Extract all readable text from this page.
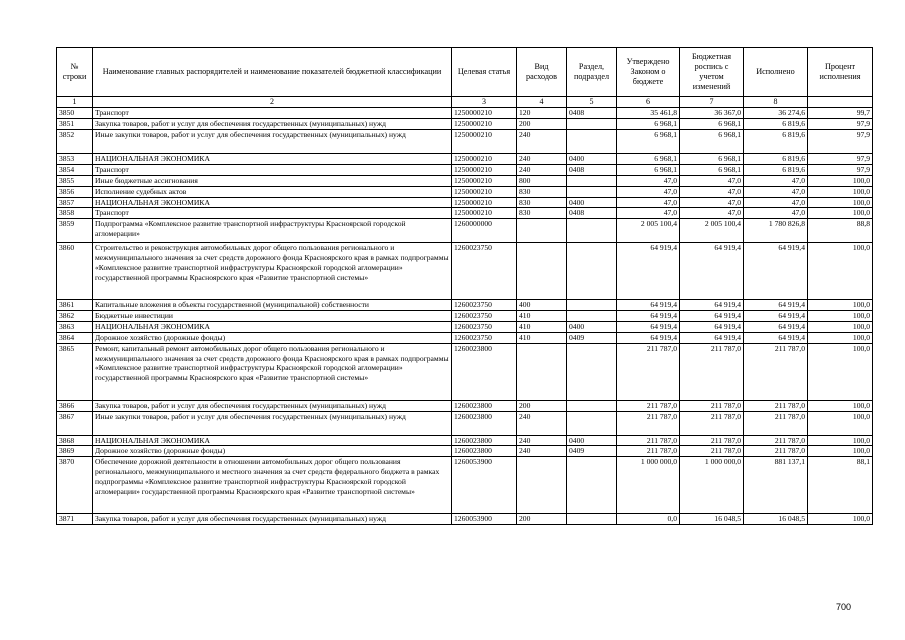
№ строки	Наименование главных распорядителей и наименование показателей бюджетной классификации	Целевая статья	Вид расходов	Раздел, подраздел	Утверждено Законом о бюджете	Бюджетная роспись с учетом изменений	Исполнено	Процент исполнения
1	2	3	4	5	6	7	8	
3850	Транспорт	1250000210	120	0408	35 461,8	36 367,0	36 274,6	99,7
3851	Закупка товаров, работ и услуг для обеспечения государственных (муниципальных) нужд	1250000210	200		6 968,1	6 968,1	6 819,6	97,9
3852	Иные закупки товаров, работ и услуг для обеспечения государственных (муниципальных) нужд	1250000210	240		6 968,1	6 968,1	6 819,6	97,9
3853	НАЦИОНАЛЬНАЯ ЭКОНОМИКА	1250000210	240	0400	6 968,1	6 968,1	6 819,6	97,9
3854	Транспорт	1250000210	240	0408	6 968,1	6 968,1	6 819,6	97,9
3855	Иные бюджетные ассигнования	1250000210	800		47,0	47,0	47,0	100,0
3856	Исполнение судебных актов	1250000210	830		47,0	47,0	47,0	100,0
3857	НАЦИОНАЛЬНАЯ ЭКОНОМИКА	1250000210	830	0400	47,0	47,0	47,0	100,0
3858	Транспорт	1250000210	830	0408	47,0	47,0	47,0	100,0
3859	Подпрограмма «Комплексное развитие транспортной инфраструктуры Красноярской городской агломерации»	1260000000			2 005 100,4	2 005 100,4	1 780 826,8	88,8
3860	Строительство и реконструкция автомобильных дорог общего пользования регионального и межмуниципального значения за счет средств дорожного фонда Красноярского края в рамках подпрограммы «Комплексное развитие транспортной инфраструктуры Красноярской городской агломерации» государственной программы Красноярского края «Развитие транспортной системы»	1260023750			64 919,4	64 919,4	64 919,4	100,0
3861	Капитальные вложения в объекты государственной (муниципальной) собственности	1260023750	400		64 919,4	64 919,4	64 919,4	100,0
3862	Бюджетные инвестиции	1260023750	410		64 919,4	64 919,4	64 919,4	100,0
3863	НАЦИОНАЛЬНАЯ ЭКОНОМИКА	1260023750	410	0400	64 919,4	64 919,4	64 919,4	100,0
3864	Дорожное хозяйство (дорожные фонды)	1260023750	410	0409	64 919,4	64 919,4	64 919,4	100,0
3865	Ремонт, капитальный ремонт автомобильных дорог общего пользования регионального и межмуниципального значения за счет средств дорожного фонда Красноярского края в рамках подпрограммы «Комплексное развитие транспортной инфраструктуры Красноярской городской агломерации» государственной программы Красноярского края «Развитие транспортной системы»	1260023800			211 787,0	211 787,0	211 787,0	100,0
3866	Закупка товаров, работ и услуг для обеспечения государственных (муниципальных) нужд	1260023800	200		211 787,0	211 787,0	211 787,0	100,0
3867	Иные закупки товаров, работ и услуг для обеспечения государственных (муниципальных) нужд	1260023800	240		211 787,0	211 787,0	211 787,0	100,0
3868	НАЦИОНАЛЬНАЯ ЭКОНОМИКА	1260023800	240	0400	211 787,0	211 787,0	211 787,0	100,0
3869	Дорожное хозяйство (дорожные фонды)	1260023800	240	0409	211 787,0	211 787,0	211 787,0	100,0
3870	Обеспечение дорожной деятельности в отношении автомобильных дорог общего пользования регионального, межмуниципального и местного значения за счет средств федерального бюджета в рамках подпрограммы «Комплексное развитие транспортной инфраструктуры Красноярской городской агломерации» государственной программы Красноярского края «Развитие транспортной системы»	1260053900			1 000 000,0	1 000 000,0	881 137,1	88,1
3871	Закупка товаров, работ и услуг для обеспечения государственных (муниципальных) нужд	1260053900	200		0,0	16 048,5	16 048,5	100,0
700
